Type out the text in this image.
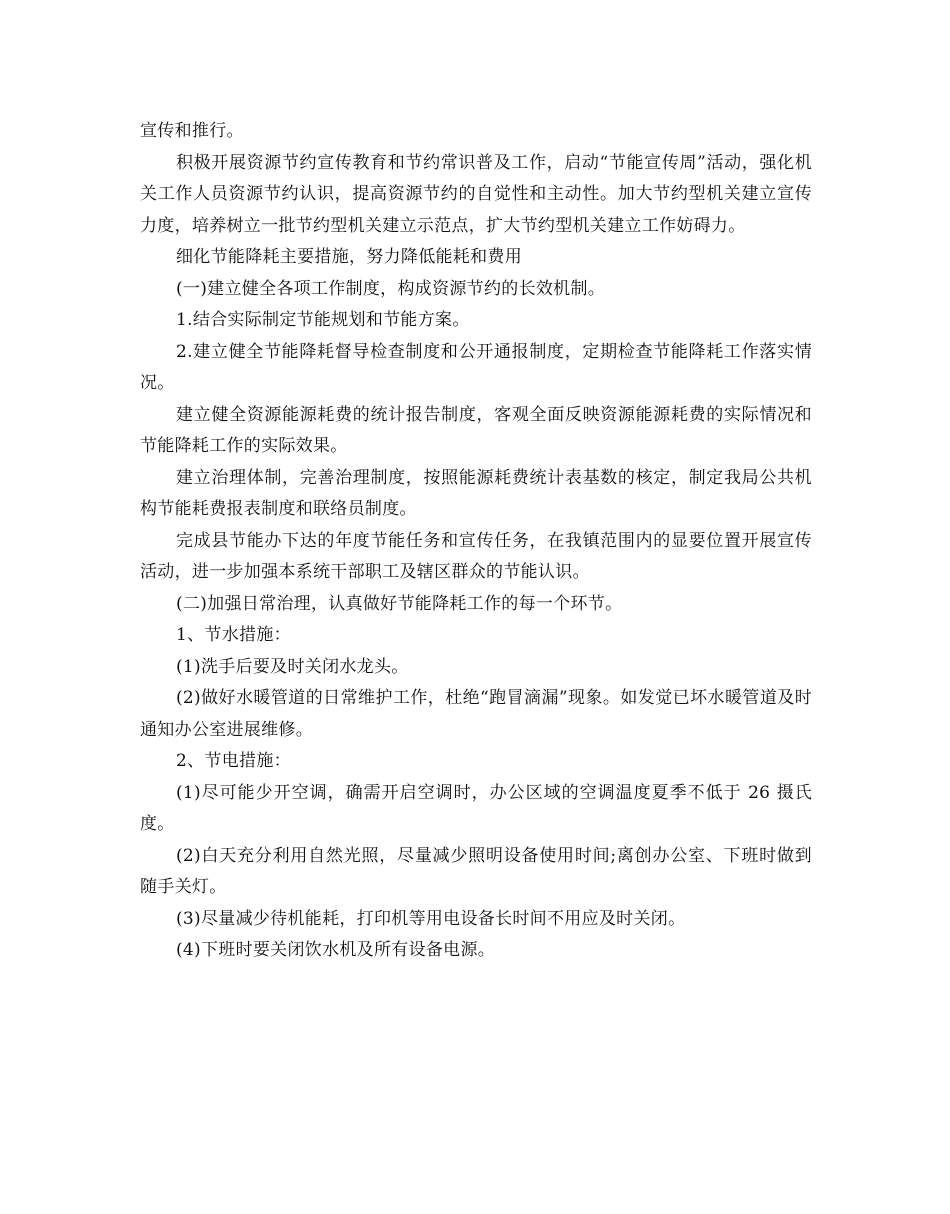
宣传和推行。

积极开展资源节约宣传教育和节约常识普及工作，启动“节能宣传周”活动，强化机关工作人员资源节约认识，提高资源节约的自觉性和主动性。加大节约型机关建立宣传力度，培养树立一批节约型机关建立示范点，扩大节约型机关建立工作妨碍力。

细化节能降耗主要措施，努力降低能耗和费用

(一)建立健全各项工作制度，构成资源节约的长效机制。

1.结合实际制定节能规划和节能方案。

2.建立健全节能降耗督导检查制度和公开通报制度，定期检查节能降耗工作落实情况。

建立健全资源能源耗费的统计报告制度，客观全面反映资源能源耗费的实际情况和节能降耗工作的实际效果。

建立治理体制，完善治理制度，按照能源耗费统计表基数的核定，制定我局公共机构节能耗费报表制度和联络员制度。

完成县节能办下达的年度节能任务和宣传任务，在我镇范围内的显要位置开展宣传活动，进一步加强本系统干部职工及辖区群众的节能认识。

(二)加强日常治理，认真做好节能降耗工作的每一个环节。

1、节水措施：

(1)洗手后要及时关闭水龙头。

(2)做好水暖管道的日常维护工作，杜绝“跑冒滴漏”现象。如发觉已坏水暖管道及时通知办公室进展维修。

2、节电措施：

(1)尽可能少开空调，确需开启空调时，办公区域的空调温度夏季不低于 26 摄氏度。

(2)白天充分利用自然光照，尽量减少照明设备使用时间;离创办公室、下班时做到随手关灯。

(3)尽量减少待机能耗，打印机等用电设备长时间不用应及时关闭。

(4)下班时要关闭饮水机及所有设备电源。
